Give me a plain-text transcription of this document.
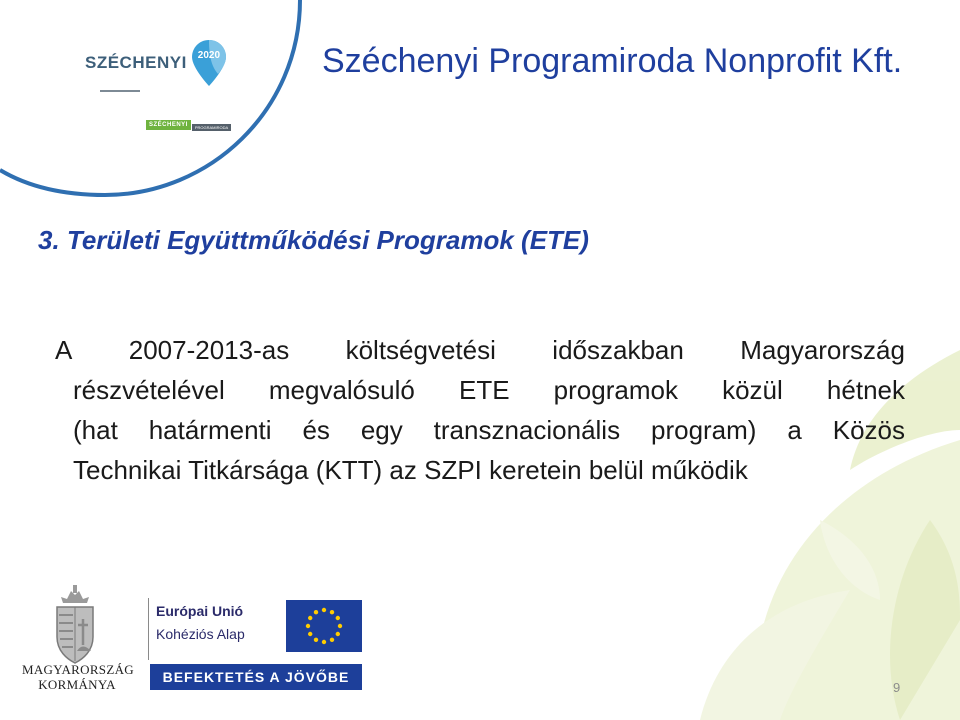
SZÉCHENYI 2020
SZÉCHENYI	PROGRAMIRODA
Széchenyi Programiroda Nonprofit Kft.
3. Területi Együttműködési Programok (ETE)
A 2007-2013-as költségvetési időszakban Magyarország
részvételével megvalósuló ETE programok közül hétnek
(hat határmenti és egy transznacionális program) a Közös
Technikai Titkársága (KTT) az SZPI keretein belül működik
MAGYARORSZÁG
KORMÁNYA
Európai Unió
Kohéziós Alap
BEFEKTETÉS A JÖVŐBE
9
